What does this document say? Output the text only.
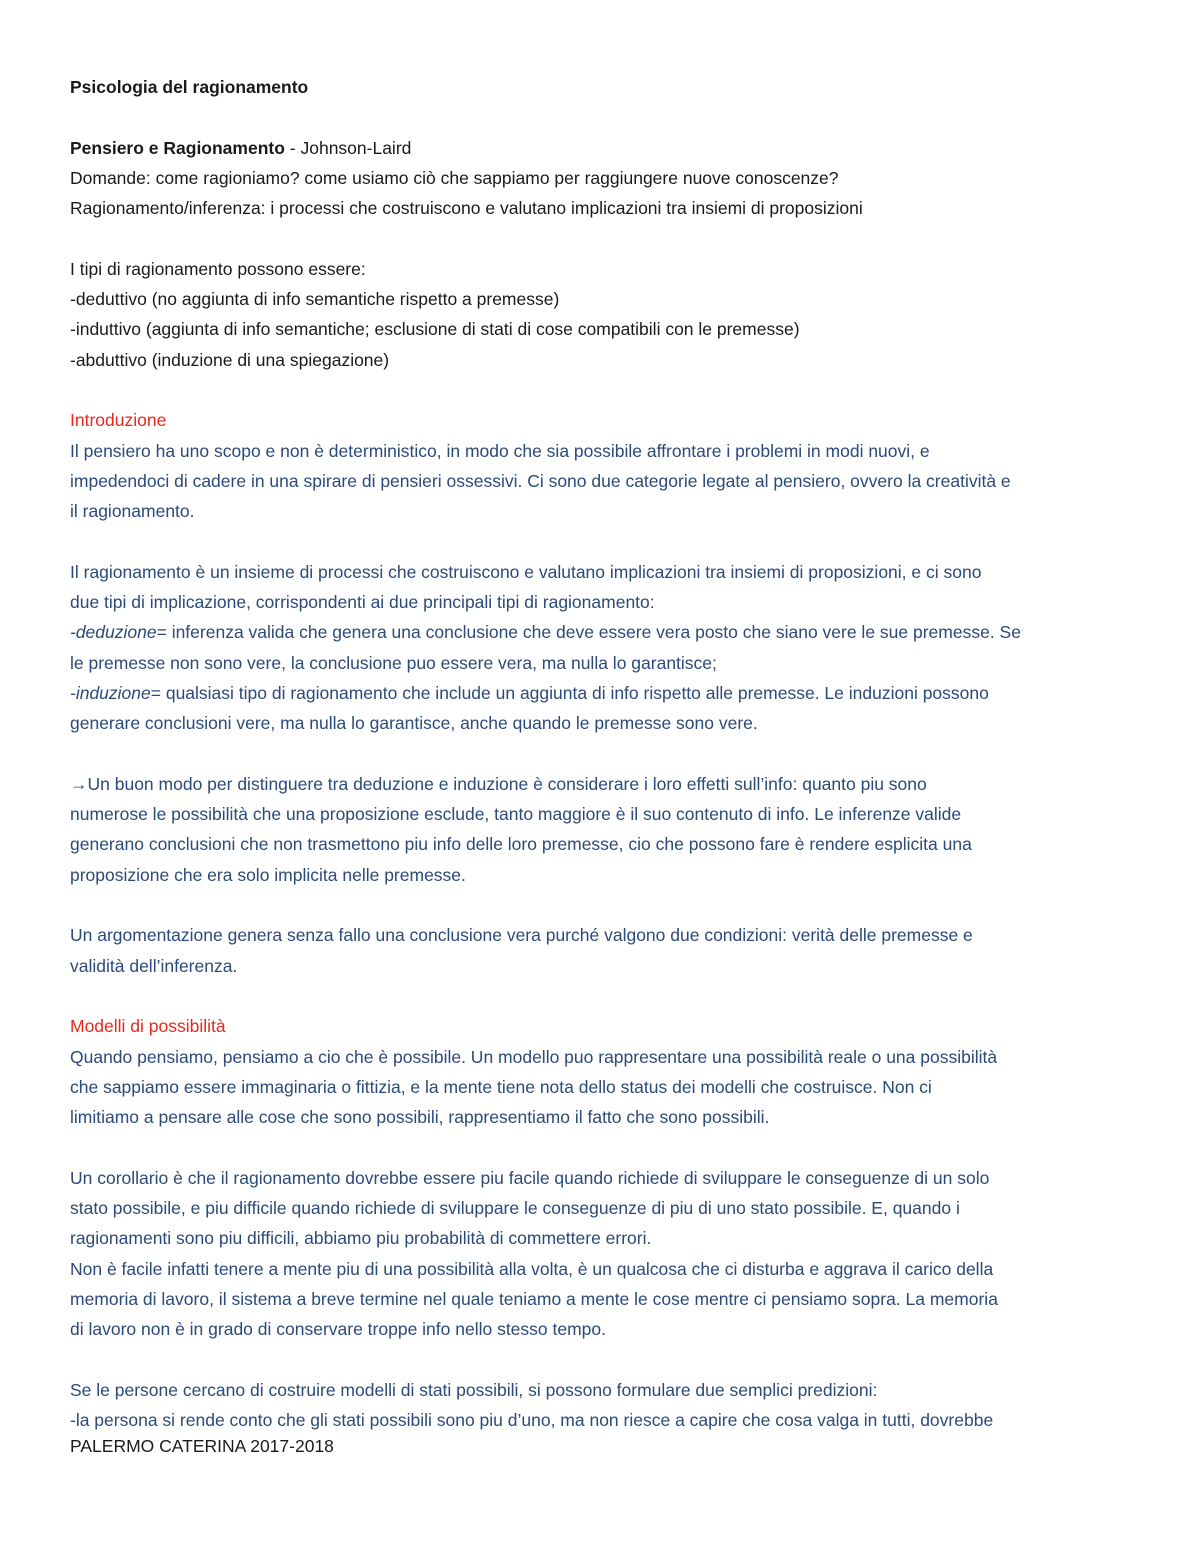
Psicologia del ragionamento

Pensiero e Ragionamento - Johnson-Laird

Domande: come ragioniamo? come usiamo ciò che sappiamo per raggiungere nuove conoscenze?

Ragionamento/inferenza: i processi che costruiscono e valutano implicazioni tra insiemi di proposizioni

I tipi di ragionamento possono essere:

-deduttivo (no aggiunta di info semantiche rispetto a premesse)

-induttivo (aggiunta di info semantiche; esclusione di stati di cose compatibili con le premesse)

-abduttivo (induzione di una spiegazione)

Introduzione

Il pensiero ha uno scopo e non è deterministico, in modo che sia possibile affrontare i problemi in modi nuovi, e
impedendoci di cadere in una spirare di pensieri ossessivi. Ci sono due categorie legate al pensiero, ovvero la creatività e
il ragionamento.
Il ragionamento è un insieme di processi che costruiscono e valutano implicazioni tra insiemi di proposizioni, e ci sono
due tipi di implicazione, corrispondenti ai due principali tipi di ragionamento:
-deduzione= inferenza valida che genera una conclusione che deve essere vera posto che siano vere le sue premesse. Se
le premesse non sono vere, la conclusione puo essere vera, ma nulla lo garantisce;
-induzione= qualsiasi tipo di ragionamento che include un aggiunta di info rispetto alle premesse. Le induzioni possono
generare conclusioni vere, ma nulla lo garantisce, anche quando le premesse sono vere.
→Un buon modo per distinguere tra deduzione e induzione è considerare i loro effetti sull’info: quanto piu sono
numerose le possibilità che una proposizione esclude, tanto maggiore è il suo contenuto di info. Le inferenze valide
generano conclusioni che non trasmettono piu info delle loro premesse, cio che possono fare è rendere esplicita una
proposizione che era solo implicita nelle premesse.
Un argomentazione genera senza fallo una conclusione vera purché valgono due condizioni: verità delle premesse e
validità dell’inferenza.

Modelli di possibilità

Quando pensiamo, pensiamo a cio che è possibile. Un modello puo rappresentare una possibilità reale o una possibilità
che sappiamo essere immaginaria o fittizia, e la mente tiene nota dello status dei modelli che costruisce. Non ci
limitiamo a pensare alle cose che sono possibili, rappresentiamo il fatto che sono possibili.
Un corollario è che il ragionamento dovrebbe essere piu facile quando richiede di sviluppare le conseguenze di un solo
stato possibile, e piu difficile quando richiede di sviluppare le conseguenze di piu di uno stato possibile. E, quando i
ragionamenti sono piu difficili, abbiamo piu probabilità di commettere errori.
Non è facile infatti tenere a mente piu di una possibilità alla volta, è un qualcosa che ci disturba e aggrava il carico della
memoria di lavoro, il sistema a breve termine nel quale teniamo a mente le cose mentre ci pensiamo sopra. La memoria
di lavoro non è in grado di conservare troppe info nello stesso tempo.
Se le persone cercano di costruire modelli di stati possibili, si possono formulare due semplici predizioni:
-la persona si rende conto che gli stati possibili sono piu d’uno, ma non riesce a capire che cosa valga in tutti, dovrebbe
PALERMO CATERINA 2017-2018
